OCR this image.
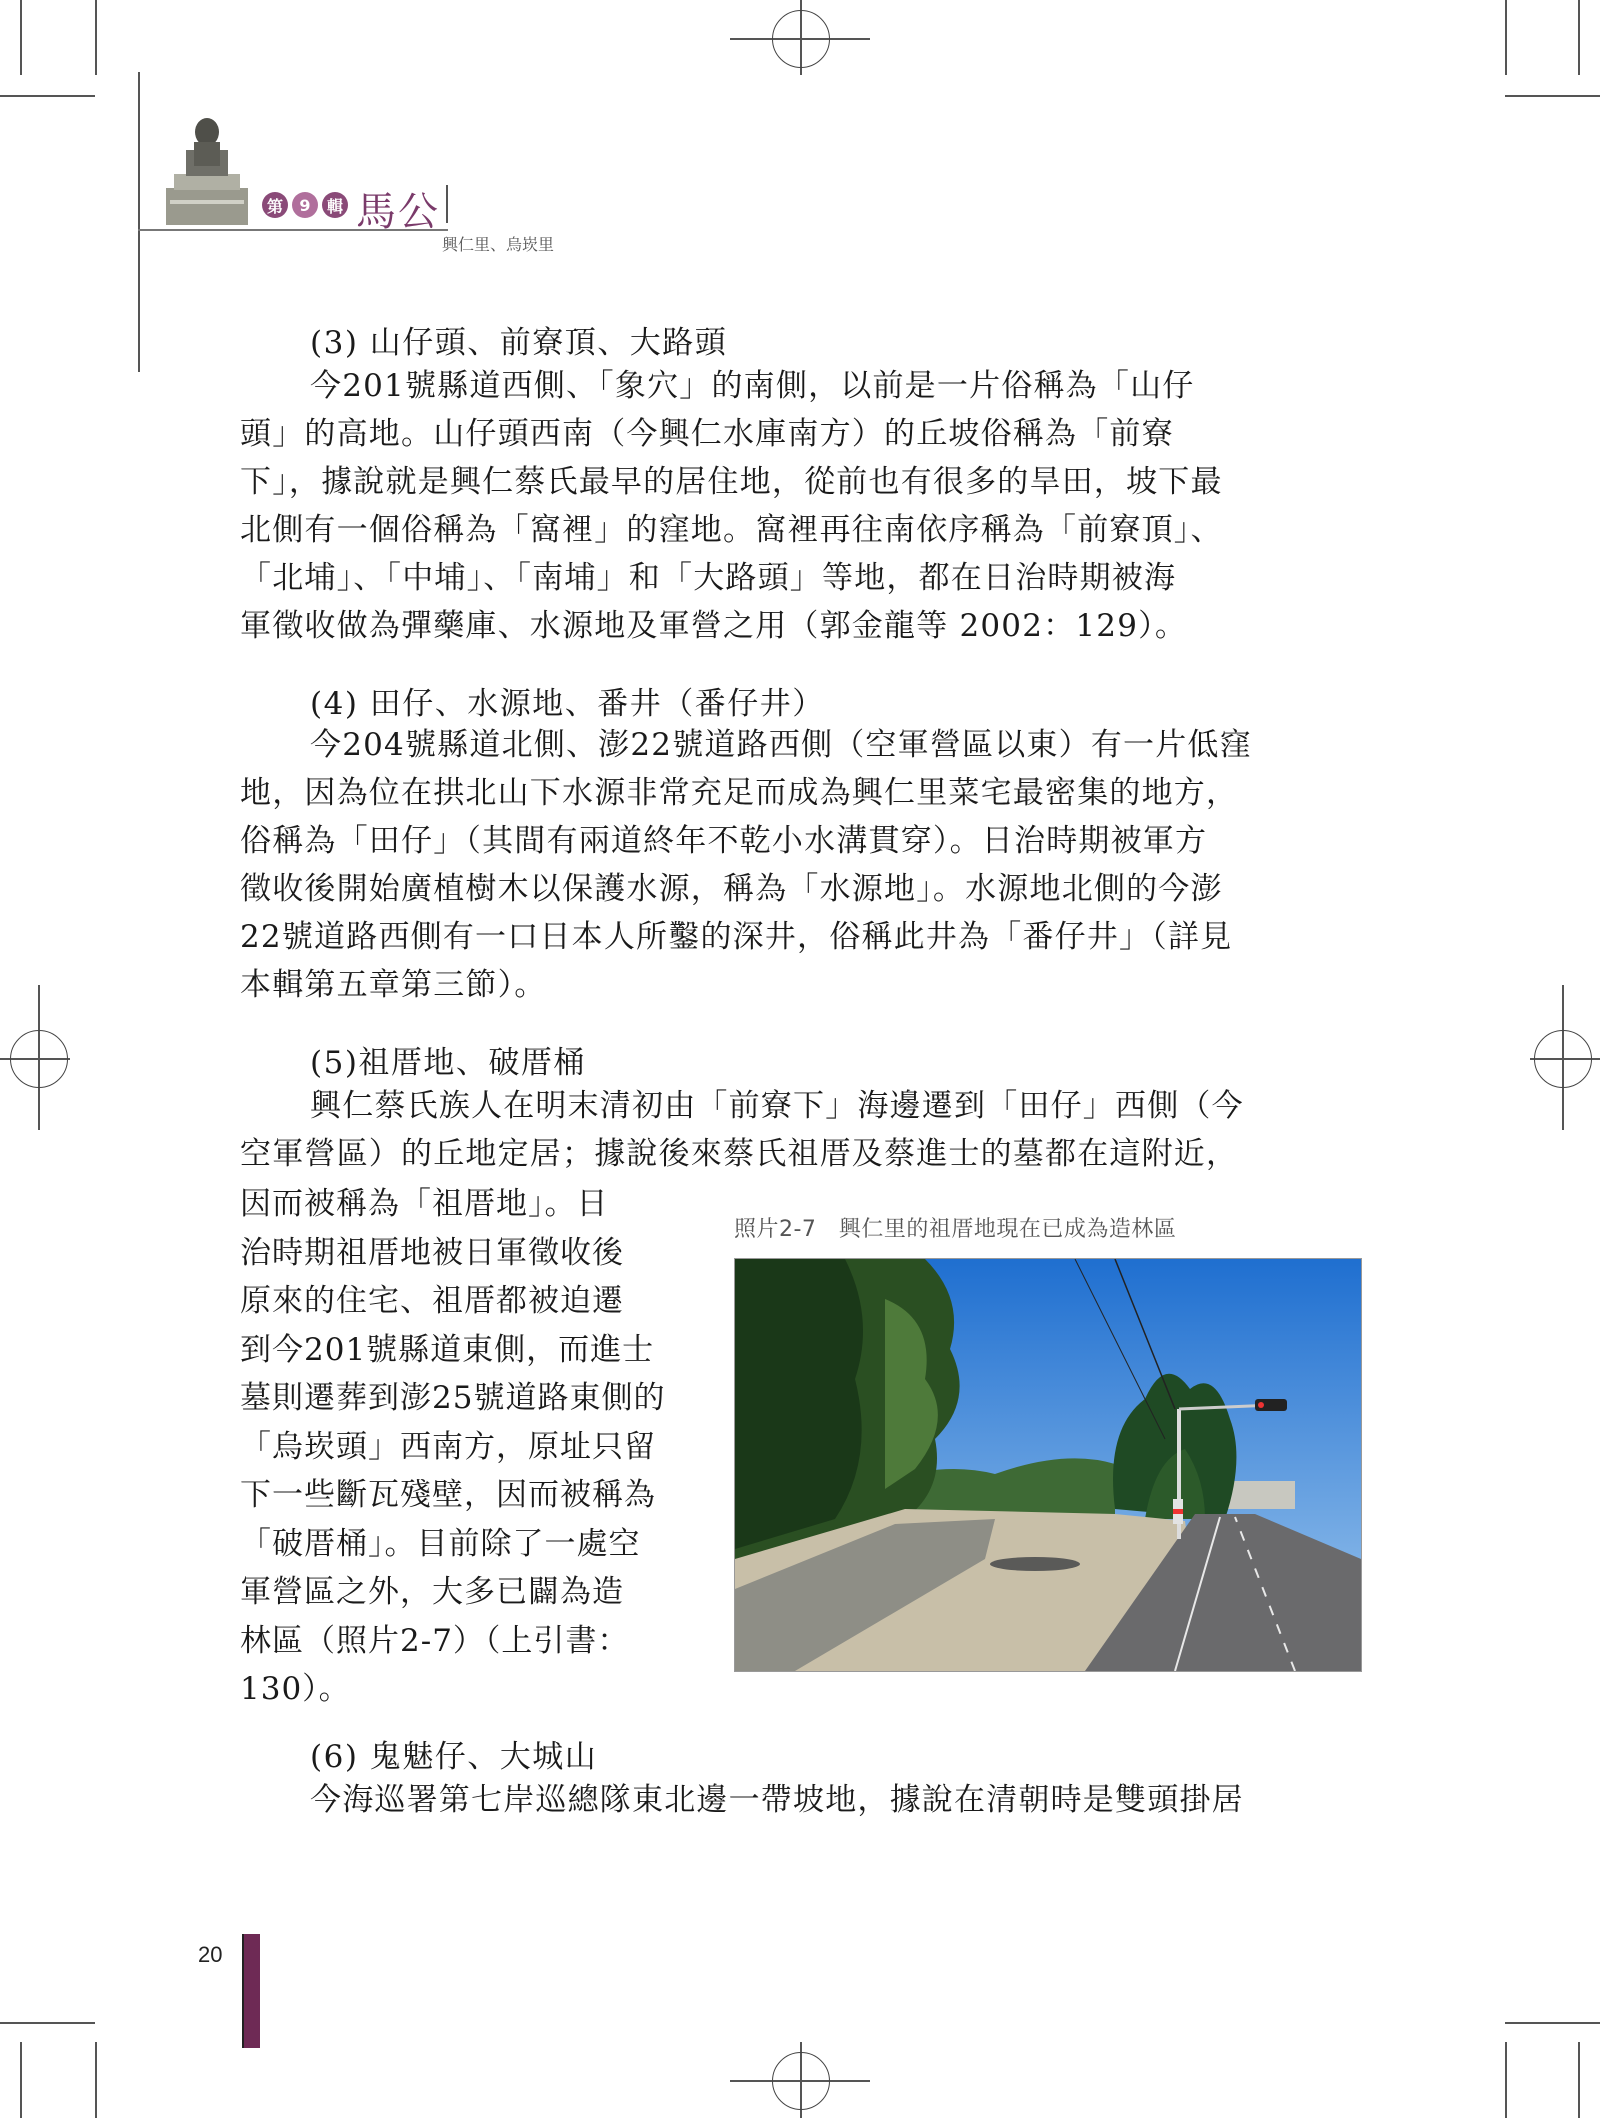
第	9	輯 馬公
興仁里、烏崁里
(3) 山仔頭、前寮頂、大路頭

今201號縣道西側、「象穴」的南側，以前是一片俗稱為「山仔

頭」的高地。山仔頭西南（今興仁水庫南方）的丘坡俗稱為「前寮

下」，據說就是興仁蔡氏最早的居住地，從前也有很多的旱田，坡下最

北側有一個俗稱為「窩裡」的窪地。窩裡再往南依序稱為「前寮頂」、

「北埔」、「中埔」、「南埔」和「大路頭」等地，都在日治時期被海

軍徵收做為彈藥庫、水源地及軍營之用（郭金龍等 2002：129）。

(4) 田仔、水源地、番井（番仔井）

今204號縣道北側、澎22號道路西側（空軍營區以東）有一片低窪

地，因為位在拱北山下水源非常充足而成為興仁里菜宅最密集的地方，

俗稱為「田仔」（其間有兩道終年不乾小水溝貫穿）。日治時期被軍方

徵收後開始廣植樹木以保護水源，稱為「水源地」。水源地北側的今澎

22號道路西側有一口日本人所鑿的深井，俗稱此井為「番仔井」（詳見

本輯第五章第三節）。

(5)祖厝地、破厝桶

興仁蔡氏族人在明末清初由「前寮下」海邊遷到「田仔」西側（今

空軍營區）的丘地定居；據說後來蔡氏祖厝及蔡進士的墓都在這附近，

因而被稱為「祖厝地」。日

治時期祖厝地被日軍徵收後

原來的住宅、祖厝都被迫遷

到今201號縣道東側，而進士

墓則遷葬到澎25號道路東側的

「烏崁頭」西南方，原址只留

下一些斷瓦殘壁，因而被稱為

「破厝桶」。目前除了一處空

軍營區之外，大多已闢為造

林區（照片2-7）（上引書：

130）。

照片2-7　興仁里的祖厝地現在已成為造林區
(6) 鬼魅仔、大城山

今海巡署第七岸巡總隊東北邊一帶坡地，據說在清朝時是雙頭掛居

20
